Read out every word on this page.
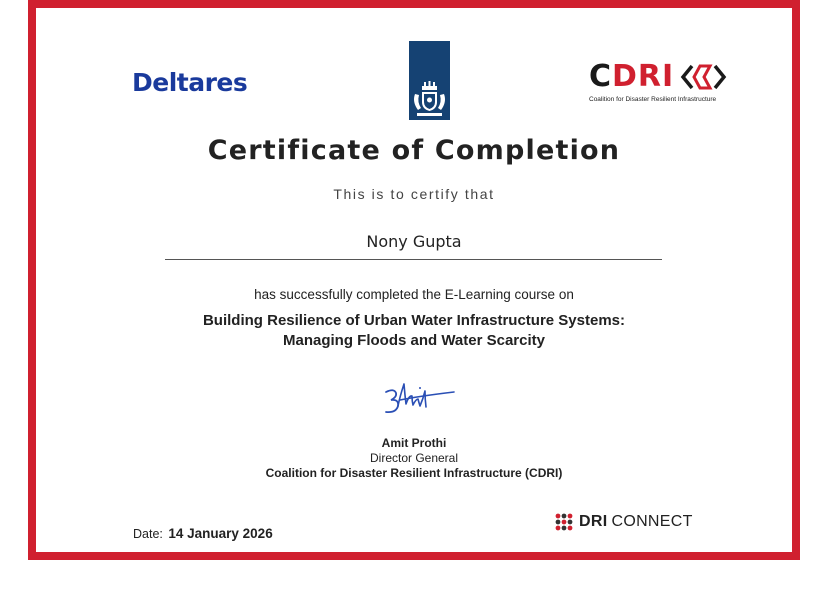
Deltares	C DRI
Coalition for Disaster Resilient Infrastructure
Certificate of Completion
This is to certify that
Nony Gupta
has successfully completed the E-Learning course on
Building Resilience of Urban Water Infrastructure Systems:
Managing Floods and Water Scarcity
Amit Prothi
Director General
Coalition for Disaster Resilient Infrastructure (CDRI)
Date: 14 January 2026
DRI CONNECT
